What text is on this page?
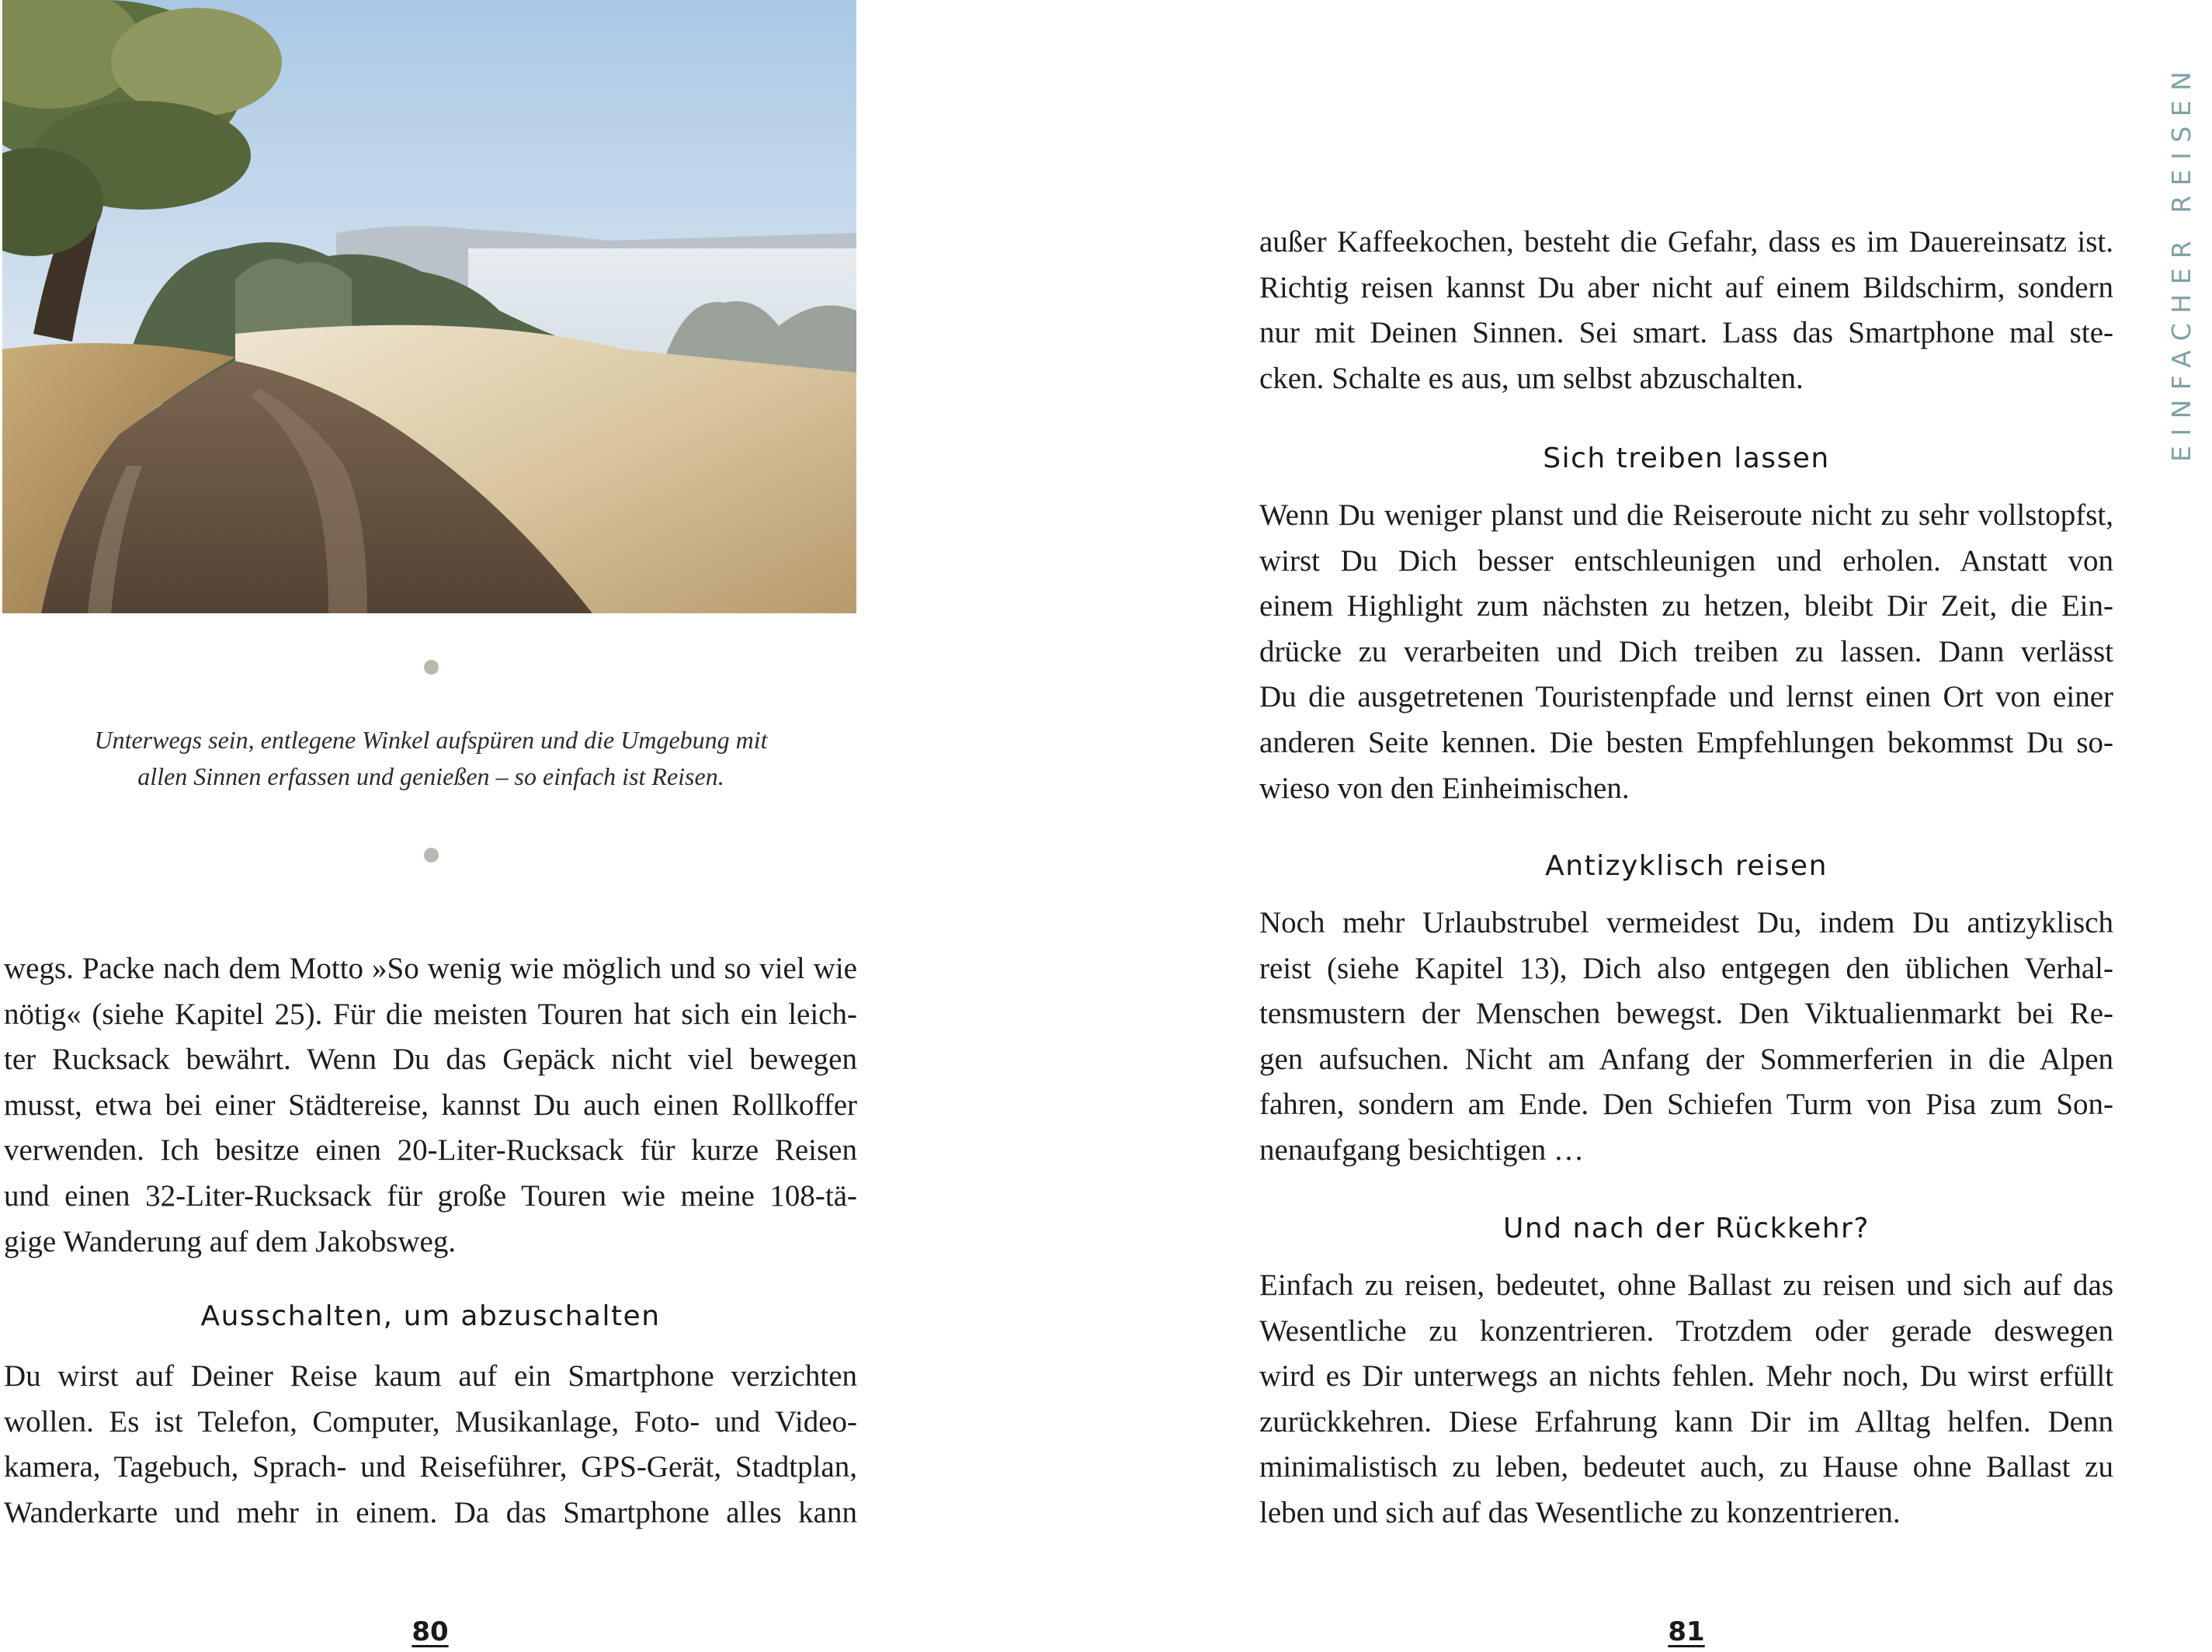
Unterwegs sein, entlegene Winkel aufspüren und die Umgebung mit
allen Sinnen erfassen und genießen – so einfach ist Reisen.
wegs. Packe nach dem Motto »So wenig wie möglich und so viel wie
nötig« (siehe Kapitel 25). Für die meisten Touren hat sich ein leich-
ter Rucksack bewährt. Wenn Du das Gepäck nicht viel bewegen
musst, etwa bei einer Städtereise, kannst Du auch einen Rollkoffer
verwenden. Ich besitze einen 20-Liter-Rucksack für kurze Reisen
und einen 32-Liter-Rucksack für große Touren wie meine 108-tä-
gige Wanderung auf dem Jakobsweg.
Ausschalten, um abzuschalten
Du wirst auf Deiner Reise kaum auf ein Smartphone verzichten
wollen. Es ist Telefon, Computer, Musikanlage, Foto- und Video-
kamera, Tagebuch, Sprach- und Reiseführer, GPS-Gerät, Stadtplan,
Wanderkarte und mehr in einem. Da das Smartphone alles kann
80
außer Kaffeekochen, besteht die Gefahr, dass es im Dauereinsatz ist.
Richtig reisen kannst Du aber nicht auf einem Bildschirm, sondern
nur mit Deinen Sinnen. Sei smart. Lass das Smartphone mal ste-
cken. Schalte es aus, um selbst abzuschalten.
Sich treiben lassen
Wenn Du weniger planst und die Reiseroute nicht zu sehr vollstopfst,
wirst Du Dich besser entschleunigen und erholen. Anstatt von
einem Highlight zum nächsten zu hetzen, bleibt Dir Zeit, die Ein-
drücke zu verarbeiten und Dich treiben zu lassen. Dann verlässt
Du die ausgetretenen Touristenpfade und lernst einen Ort von einer
anderen Seite kennen. Die besten Empfehlungen bekommst Du so-
wieso von den Einheimischen.
Antizyklisch reisen
Noch mehr Urlaubstrubel vermeidest Du, indem Du antizyklisch
reist (siehe Kapitel 13), Dich also entgegen den üblichen Verhal-
tensmustern der Menschen bewegst. Den Viktualienmarkt bei Re-
gen aufsuchen. Nicht am Anfang der Sommerferien in die Alpen
fahren, sondern am Ende. Den Schiefen Turm von Pisa zum Son-
nenaufgang besichtigen …
Und nach der Rückkehr?
Einfach zu reisen, bedeutet, ohne Ballast zu reisen und sich auf das
Wesentliche zu konzentrieren. Trotzdem oder gerade deswegen
wird es Dir unterwegs an nichts fehlen. Mehr noch, Du wirst erfüllt
zurückkehren. Diese Erfahrung kann Dir im Alltag helfen. Denn
minimalistisch zu leben, bedeutet auch, zu Hause ohne Ballast zu
leben und sich auf das Wesentliche zu konzentrieren.
81
EINFACHER REISEN
